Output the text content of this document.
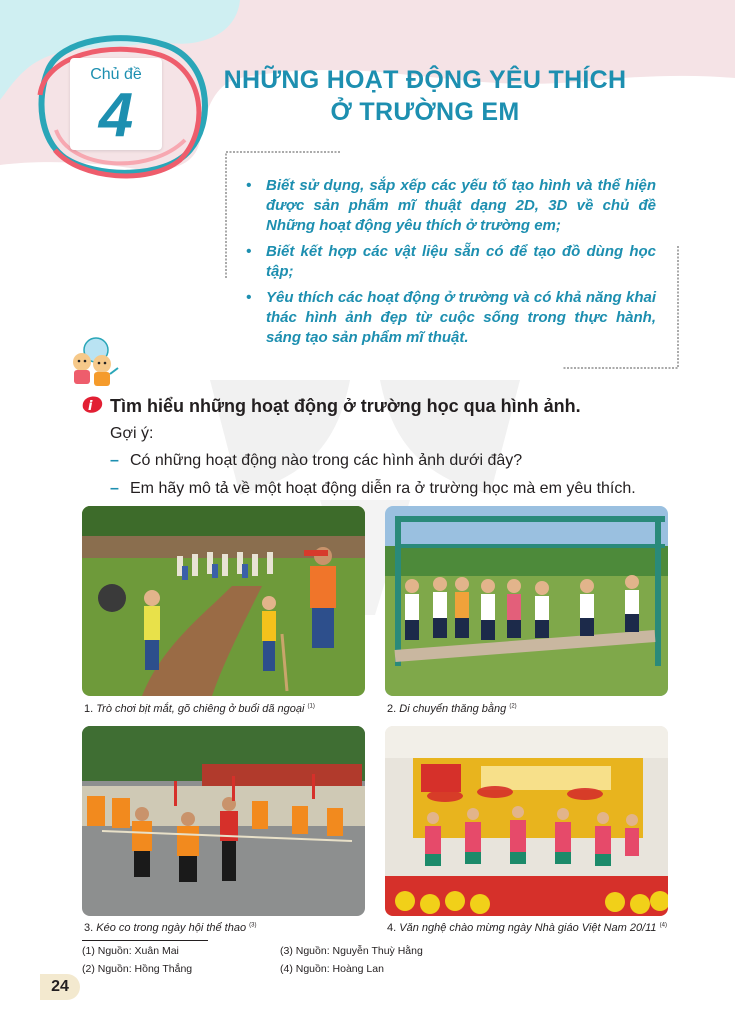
Chủ đề
4
NHỮNG HOẠT ĐỘNG YÊU THÍCH
Ở TRƯỜNG EM
• Biết sử dụng, sắp xếp các yếu tố tạo hình và thể hiện được sản phẩm mĩ thuật dạng 2D, 3D về chủ đề Những hoạt động yêu thích ở trường em;
• Biết kết hợp các vật liệu sẵn có để tạo đồ dùng học tập;
• Yêu thích các hoạt động ở trường và có khả năng khai thác hình ảnh đẹp từ cuộc sống trong thực hành, sáng tạo sản phẩm mĩ thuật.
i Tìm hiểu những hoạt động ở trường học qua hình ảnh.
Gợi ý:
– Có những hoạt động nào trong các hình ảnh dưới đây?
– Em hãy mô tả về một hoạt động diễn ra ở trường học mà em yêu thích.
1. Trò chơi bịt mắt, gõ chiêng ở buổi dã ngoại $^{(1)}$	2. Di chuyển thăng bằng $^{(2)}$
3. Kéo co trong ngày hội thể thao $^{(3)}$	4. Văn nghệ chào mừng ngày Nhà giáo Việt Nam 20/11 $^{(4)}$
(1) Nguồn: Xuân Mai
(2) Nguồn: Hồng Thắng
(3) Nguồn: Nguyễn Thuỳ Hằng
(4) Nguồn: Hoàng Lan
24
